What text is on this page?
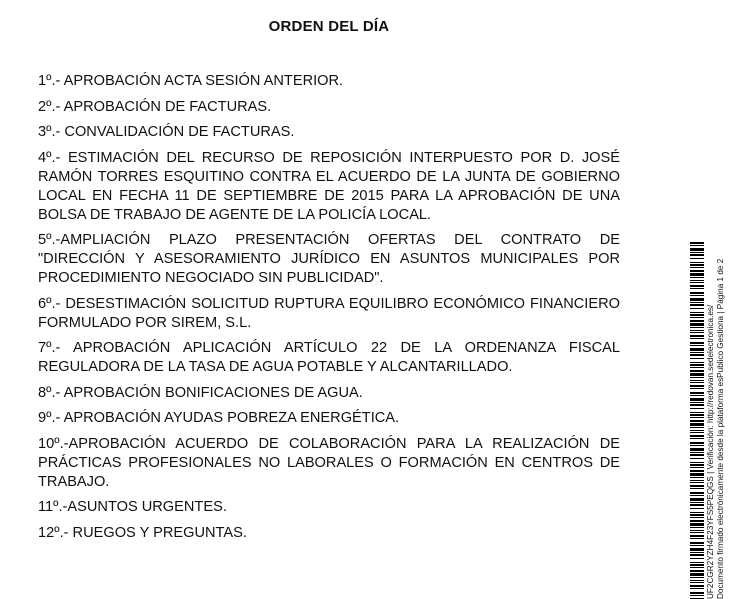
ORDEN DEL DÍA
1º.- APROBACIÓN ACTA SESIÓN ANTERIOR.
2º.- APROBACIÓN DE FACTURAS.
3º.- CONVALIDACIÓN DE FACTURAS.
4º.- ESTIMACIÓN DEL RECURSO DE REPOSICIÓN INTERPUESTO POR D. JOSÉ RAMÓN TORRES ESQUITINO CONTRA EL ACUERDO DE LA JUNTA DE GOBIERNO LOCAL EN FECHA 11 DE SEPTIEMBRE DE 2015 PARA LA APROBACIÓN DE UNA BOLSA DE TRABAJO DE AGENTE DE LA POLICÍA LOCAL.
5º.-AMPLIACIÓN PLAZO PRESENTACIÓN OFERTAS DEL CONTRATO DE "DIRECCIÓN Y ASESORAMIENTO JURÍDICO EN ASUNTOS MUNICIPALES POR PROCEDIMIENTO NEGOCIADO SIN PUBLICIDAD".
6º.- DESESTIMACIÓN SOLICITUD RUPTURA EQUILIBRO ECONÓMICO FINANCIERO FORMULADO POR SIREM, S.L.
7º.- APROBACIÓN APLICACIÓN ARTÍCULO 22 DE LA ORDENANZA FISCAL REGULADORA DE LA TASA DE AGUA POTABLE Y ALCANTARILLADO.
8º.- APROBACIÓN BONIFICACIONES DE AGUA.
9º.- APROBACIÓN AYUDAS POBREZA ENERGÉTICA.
10º.-APROBACIÓN ACUERDO DE COLABORACIÓN PARA LA REALIZACIÓN DE PRÁCTICAS PROFESIONALES NO LABORALES O FORMACIÓN EN CENTROS DE TRABAJO.
11º.-ASUNTOS URGENTES.
12º.- RUEGOS Y PREGUNTAS.	UF2CGR2YZH4F23YFS5PEQGS | Verificación: http://redovan.sedelectronica.es/ Documento firmado electrónicamente desde la plataforma esPublico Gestiona | Página 1 de 2
